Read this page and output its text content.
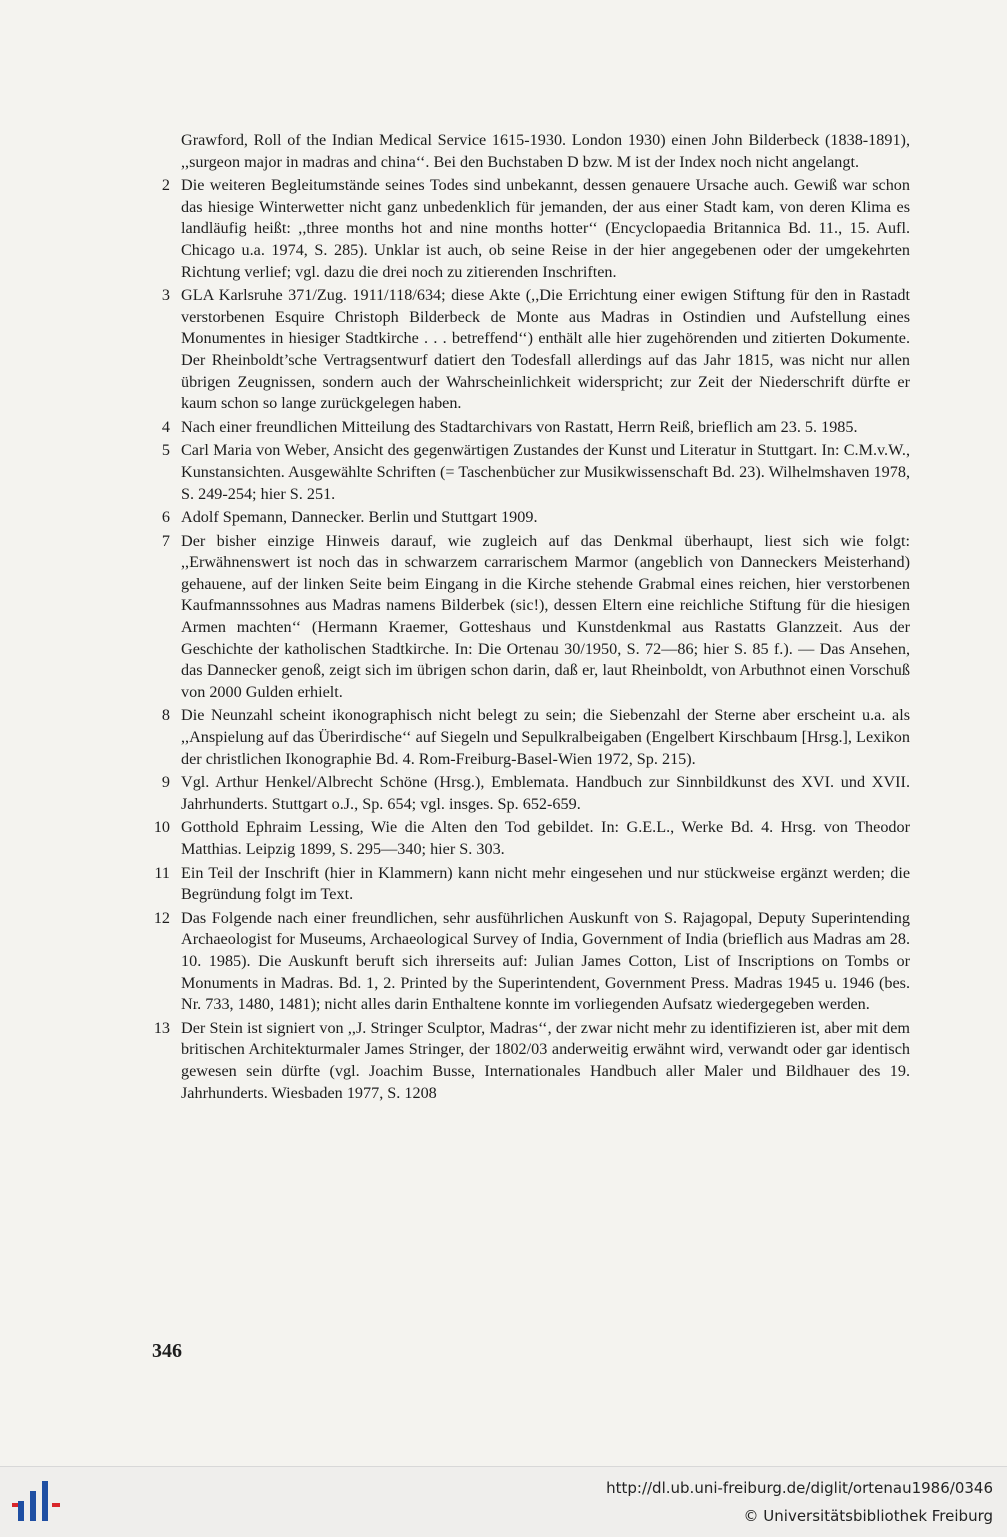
Grawford, Roll of the Indian Medical Service 1615-1930. London 1930) einen John Bilderbeck (1838-1891), ,,surgeon major in madras and china‘‘. Bei den Buchstaben D bzw. M ist der Index noch nicht angelangt.
2 Die weiteren Begleitumstände seines Todes sind unbekannt, dessen genauere Ursache auch. Gewiß war schon das hiesige Winterwetter nicht ganz unbedenklich für jemanden, der aus einer Stadt kam, von deren Klima es landläufig heißt: ,,three months hot and nine months hotter‘‘ (Encyclopaedia Britannica Bd. 11., 15. Aufl. Chicago u.a. 1974, S. 285). Unklar ist auch, ob seine Reise in der hier angegebenen oder der umgekehrten Richtung verlief; vgl. dazu die drei noch zu zitierenden Inschriften.
3 GLA Karlsruhe 371/Zug. 1911/118/634; diese Akte (,,Die Errichtung einer ewigen Stiftung für den in Rastadt verstorbenen Esquire Christoph Bilderbeck de Monte aus Madras in Ostindien und Aufstellung eines Monumentes in hiesiger Stadtkirche . . . betreffend‘‘) enthält alle hier zugehörenden und zitierten Dokumente. Der Rheinboldt’sche Vertragsentwurf datiert den Todesfall allerdings auf das Jahr 1815, was nicht nur allen übrigen Zeugnissen, sondern auch der Wahrscheinlichkeit widerspricht; zur Zeit der Niederschrift dürfte er kaum schon so lange zurückgelegen haben.
4 Nach einer freundlichen Mitteilung des Stadtarchivars von Rastatt, Herrn Reiß, brieflich am 23. 5. 1985.
5 Carl Maria von Weber, Ansicht des gegenwärtigen Zustandes der Kunst und Literatur in Stuttgart. In: C.M.v.W., Kunstansichten. Ausgewählte Schriften (= Taschenbücher zur Musikwissenschaft Bd. 23). Wilhelmshaven 1978, S. 249-254; hier S. 251.
6 Adolf Spemann, Dannecker. Berlin und Stuttgart 1909.
7 Der bisher einzige Hinweis darauf, wie zugleich auf das Denkmal überhaupt, liest sich wie folgt: ,,Erwähnenswert ist noch das in schwarzem carrarischem Marmor (angeblich von Danneckers Meisterhand) gehauene, auf der linken Seite beim Eingang in die Kirche stehende Grabmal eines reichen, hier verstorbenen Kaufmannssohnes aus Madras namens Bilderbek (sic!), dessen Eltern eine reichliche Stiftung für die hiesigen Armen machten‘‘ (Hermann Kraemer, Gotteshaus und Kunstdenkmal aus Rastatts Glanzzeit. Aus der Geschichte der katholischen Stadtkirche. In: Die Ortenau 30/1950, S. 72—86; hier S. 85 f.). — Das Ansehen, das Dannecker genoß, zeigt sich im übrigen schon darin, daß er, laut Rheinboldt, von Arbuthnot einen Vorschuß von 2000 Gulden erhielt.
8 Die Neunzahl scheint ikonographisch nicht belegt zu sein; die Siebenzahl der Sterne aber erscheint u.a. als ,,Anspielung auf das Überirdische‘‘ auf Siegeln und Sepulkralbeigaben (Engelbert Kirschbaum [Hrsg.], Lexikon der christlichen Ikonographie Bd. 4. Rom-Freiburg-Basel-Wien 1972, Sp. 215).
9 Vgl. Arthur Henkel/Albrecht Schöne (Hrsg.), Emblemata. Handbuch zur Sinnbildkunst des XVI. und XVII. Jahrhunderts. Stuttgart o.J., Sp. 654; vgl. insges. Sp. 652-659.
10 Gotthold Ephraim Lessing, Wie die Alten den Tod gebildet. In: G.E.L., Werke Bd. 4. Hrsg. von Theodor Matthias. Leipzig 1899, S. 295—340; hier S. 303.
11 Ein Teil der Inschrift (hier in Klammern) kann nicht mehr eingesehen und nur stückweise ergänzt werden; die Begründung folgt im Text.
12 Das Folgende nach einer freundlichen, sehr ausführlichen Auskunft von S. Rajagopal, Deputy Superintending Archaeologist for Museums, Archaeological Survey of India, Government of India (brieflich aus Madras am 28. 10. 1985). Die Auskunft beruft sich ihrerseits auf: Julian James Cotton, List of Inscriptions on Tombs or Monuments in Madras. Bd. 1, 2. Printed by the Superintendent, Government Press. Madras 1945 u. 1946 (bes. Nr. 733, 1480, 1481); nicht alles darin Enthaltene konnte im vorliegenden Aufsatz wiedergegeben werden.
13 Der Stein ist signiert von ,,J. Stringer Sculptor, Madras‘‘, der zwar nicht mehr zu identifizieren ist, aber mit dem britischen Architekturmaler James Stringer, der 1802/03 anderweitig erwähnt wird, verwandt oder gar identisch gewesen sein dürfte (vgl. Joachim Busse, Internationales Handbuch aller Maler und Bildhauer des 19. Jahrhunderts. Wiesbaden 1977, S. 1208
346
http://dl.ub.uni-freiburg.de/diglit/ortenau1986/0346
© Universitätsbibliothek Freiburg
